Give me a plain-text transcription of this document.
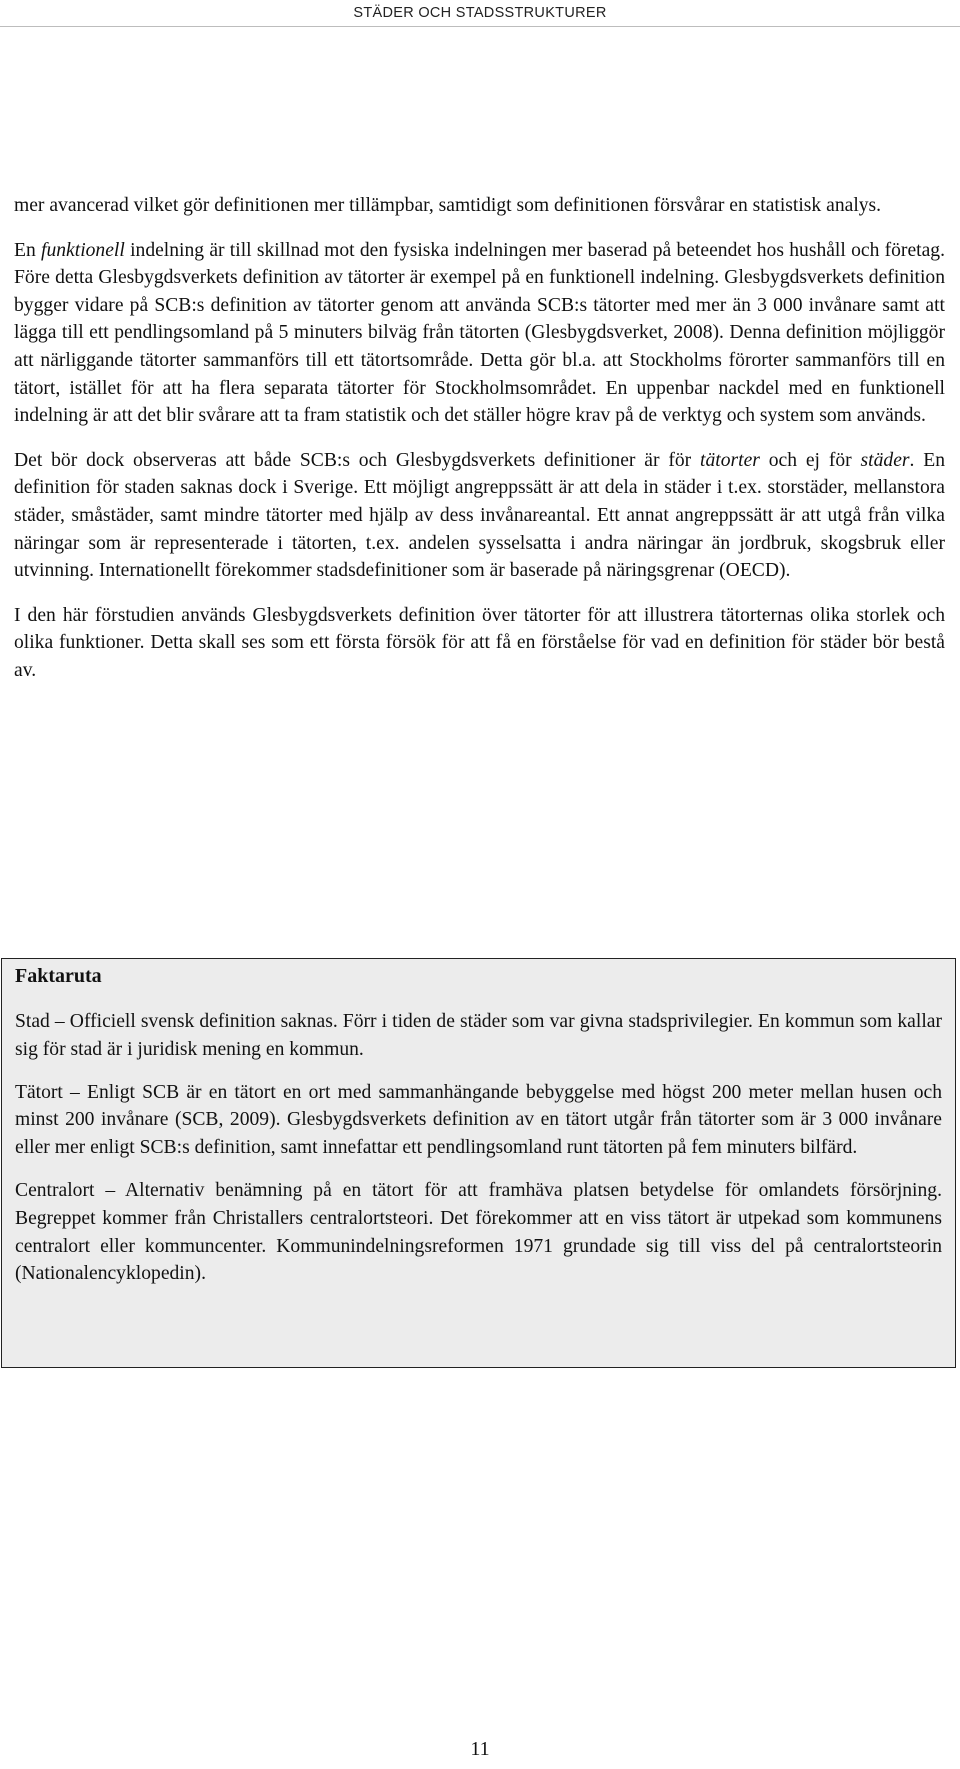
STÄDER OCH STADSSTRUKTURER

mer avancerad vilket gör definitionen mer tillämpbar, samtidigt som definitionen försvårar en statistisk analys.

En funktionell indelning är till skillnad mot den fysiska indelningen mer baserad på beteendet hos hushåll och företag. Före detta Glesbygdsverkets definition av tätorter är exempel på en funktionell indelning. Glesbygdsverkets definition bygger vidare på SCB:s definition av tätorter genom att använda SCB:s tätorter med mer än 3 000 invånare samt att lägga till ett pendlingsomland på 5 minuters bilväg från tätorten (Glesbygdsverket, 2008). Denna definition möjliggör att närliggande tätorter sammanförs till ett tätortsområde. Detta gör bl.a. att Stockholms förorter sammanförs till en tätort, istället för att ha flera separata tätorter för Stockholmsområdet. En uppenbar nackdel med en funktionell indelning är att det blir svårare att ta fram statistik och det ställer högre krav på de verktyg och system som används.

Det bör dock observeras att både SCB:s och Glesbygdsverkets definitioner är för tätorter och ej för städer. En definition för staden saknas dock i Sverige. Ett möjligt angreppssätt är att dela in städer i t.ex. storstäder, mellanstora städer, småstäder, samt mindre tätorter med hjälp av dess invånareantal. Ett annat angreppssätt är att utgå från vilka näringar som är representerade i tätorten, t.ex. andelen sysselsatta i andra näringar än jordbruk, skogsbruk eller utvinning. Internationellt förekommer stadsdefinitioner som är baserade på näringsgrenar (OECD).

I den här förstudien används Glesbygdsverkets definition över tätorter för att illustrera tätorternas olika storlek och olika funktioner. Detta skall ses som ett första försök för att få en förståelse för vad en definition för städer bör bestå av.

Faktaruta

Stad – Officiell svensk definition saknas. Förr i tiden de städer som var givna stadsprivilegier. En kommun som kallar sig för stad är i juridisk mening en kommun.

Tätort – Enligt SCB är en tätort en ort med sammanhängande bebyggelse med högst 200 meter mellan husen och minst 200 invånare (SCB, 2009). Glesbygdsverkets definition av en tätort utgår från tätorter som är 3 000 invånare eller mer enligt SCB:s definition, samt innefattar ett pendlingsomland runt tätorten på fem minuters bilfärd.

Centralort – Alternativ benämning på en tätort för att framhäva platsen betydelse för omlandets försörjning. Begreppet kommer från Christallers centralortsteori. Det förekommer att en viss tätort är utpekad som kommunens centralort eller kommuncenter. Kommunindelningsreformen 1971 grundade sig till viss del på centralortsteorin (Nationalencyklopedin).

11
